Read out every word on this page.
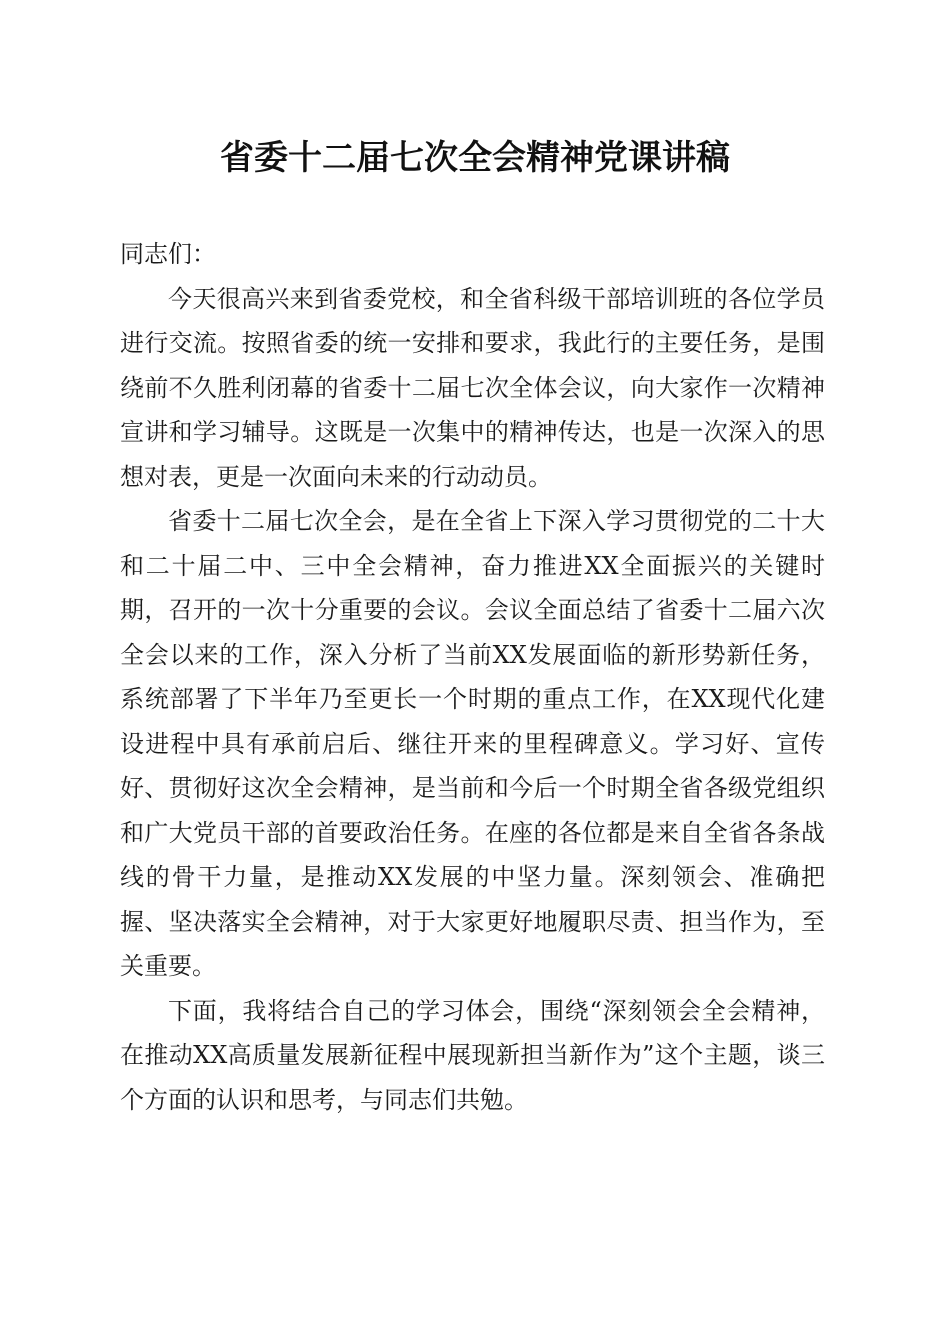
省委十二届七次全会精神党课讲稿

同志们：

今天很高兴来到省委党校，和全省科级干部培训班的各位学员进行交流。按照省委的统一安排和要求，我此行的主要任务，是围绕前不久胜利闭幕的省委十二届七次全体会议，向大家作一次精神宣讲和学习辅导。这既是一次集中的精神传达，也是一次深入的思想对表，更是一次面向未来的行动动员。

省委十二届七次全会，是在全省上下深入学习贯彻党的二十大和二十届二中、三中全会精神，奋力推进XX全面振兴的关键时期，召开的一次十分重要的会议。会议全面总结了省委十二届六次全会以来的工作，深入分析了当前XX发展面临的新形势新任务，系统部署了下半年乃至更长一个时期的重点工作，在XX现代化建设进程中具有承前启后、继往开来的里程碑意义。学习好、宣传好、贯彻好这次全会精神，是当前和今后一个时期全省各级党组织和广大党员干部的首要政治任务。在座的各位都是来自全省各条战线的骨干力量，是推动XX发展的中坚力量。深刻领会、准确把握、坚决落实全会精神，对于大家更好地履职尽责、担当作为，至关重要。

下面，我将结合自己的学习体会，围绕“深刻领会全会精神，在推动XX高质量发展新征程中展现新担当新作为”这个主题，谈三个方面的认识和思考，与同志们共勉。
